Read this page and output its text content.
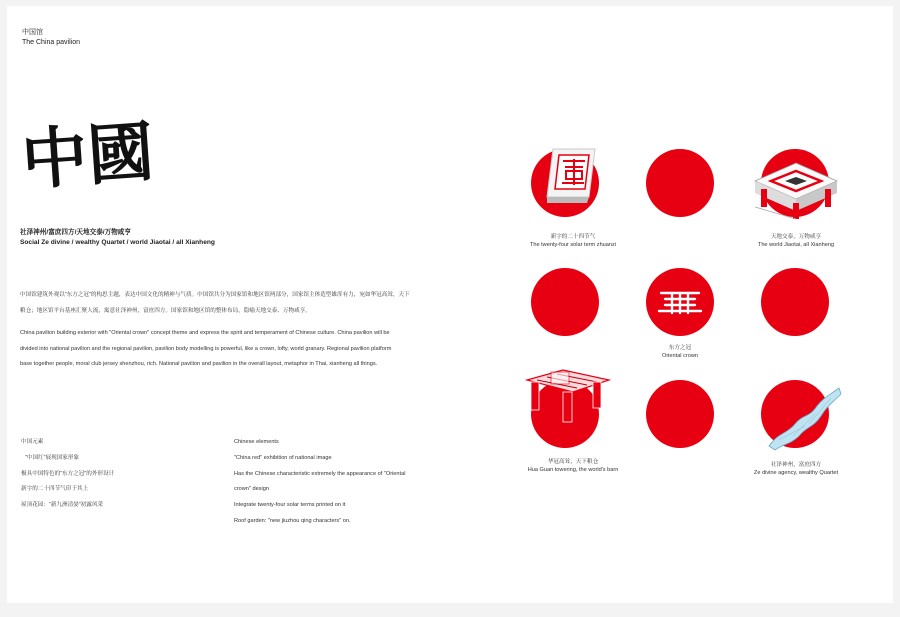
中国馆
The China pavilion
中國
社泽神州/富庶四方/天地交泰/万物咸亨
Social Ze divine / wealthy Quartet / world Jiaotai / all Xianheng
中国馆建筑外观以“东方之冠”的构思主题，表达中国文化的精神与气质。中国馆共分为国家馆和地区馆两部分，国家馆主体造型雄浑有力，宛如华冠高耸，天下
粮仓；地区馆平台基座汇聚人流，寓意社泽神州，富庶四方。国家馆和地区馆的整体布局，隐喻天地交泰、万物咸亨。
China pavilion building exterior with "Oriental crown" concept theme and express the spirit and temperament of Chinese culture. China pavilion will be
divided into national pavilion and the regional pavilion, pavilion body modelling is powerful, like a crown, lofty, world granary. Regional pavilion platform
base together people, moral club jersey shenzhou, rich. National pavilion and pavilion in the overall layout, metaphor in Thai, xianheng all things.
中国元素
“中国红”展现国家形象
极具中国特色的“东方之冠”的外形设计
新字的二十四节气印于其上
屋顶花园：“新九洲清晏”初露风采
Chinese elements
"China red" exhibition of national image
Has the Chinese characteristic extremely the appearance of "Oriental
crown" design
Integrate twenty-four solar terms printed on it
Roof garden: "new jiuzhou qing characters" on.
新字的二十四节气
The twenty-four solar term zhuanzi
天地交泰，万物咸亨
The world Jiaotai, all Xianheng
东方之冠
Oriental crown
华冠高耸，天下粮仓
Hua Guan towering, the world's barn
社泽神州，富庶四方
Ze divine agency, wealthy Quartet
